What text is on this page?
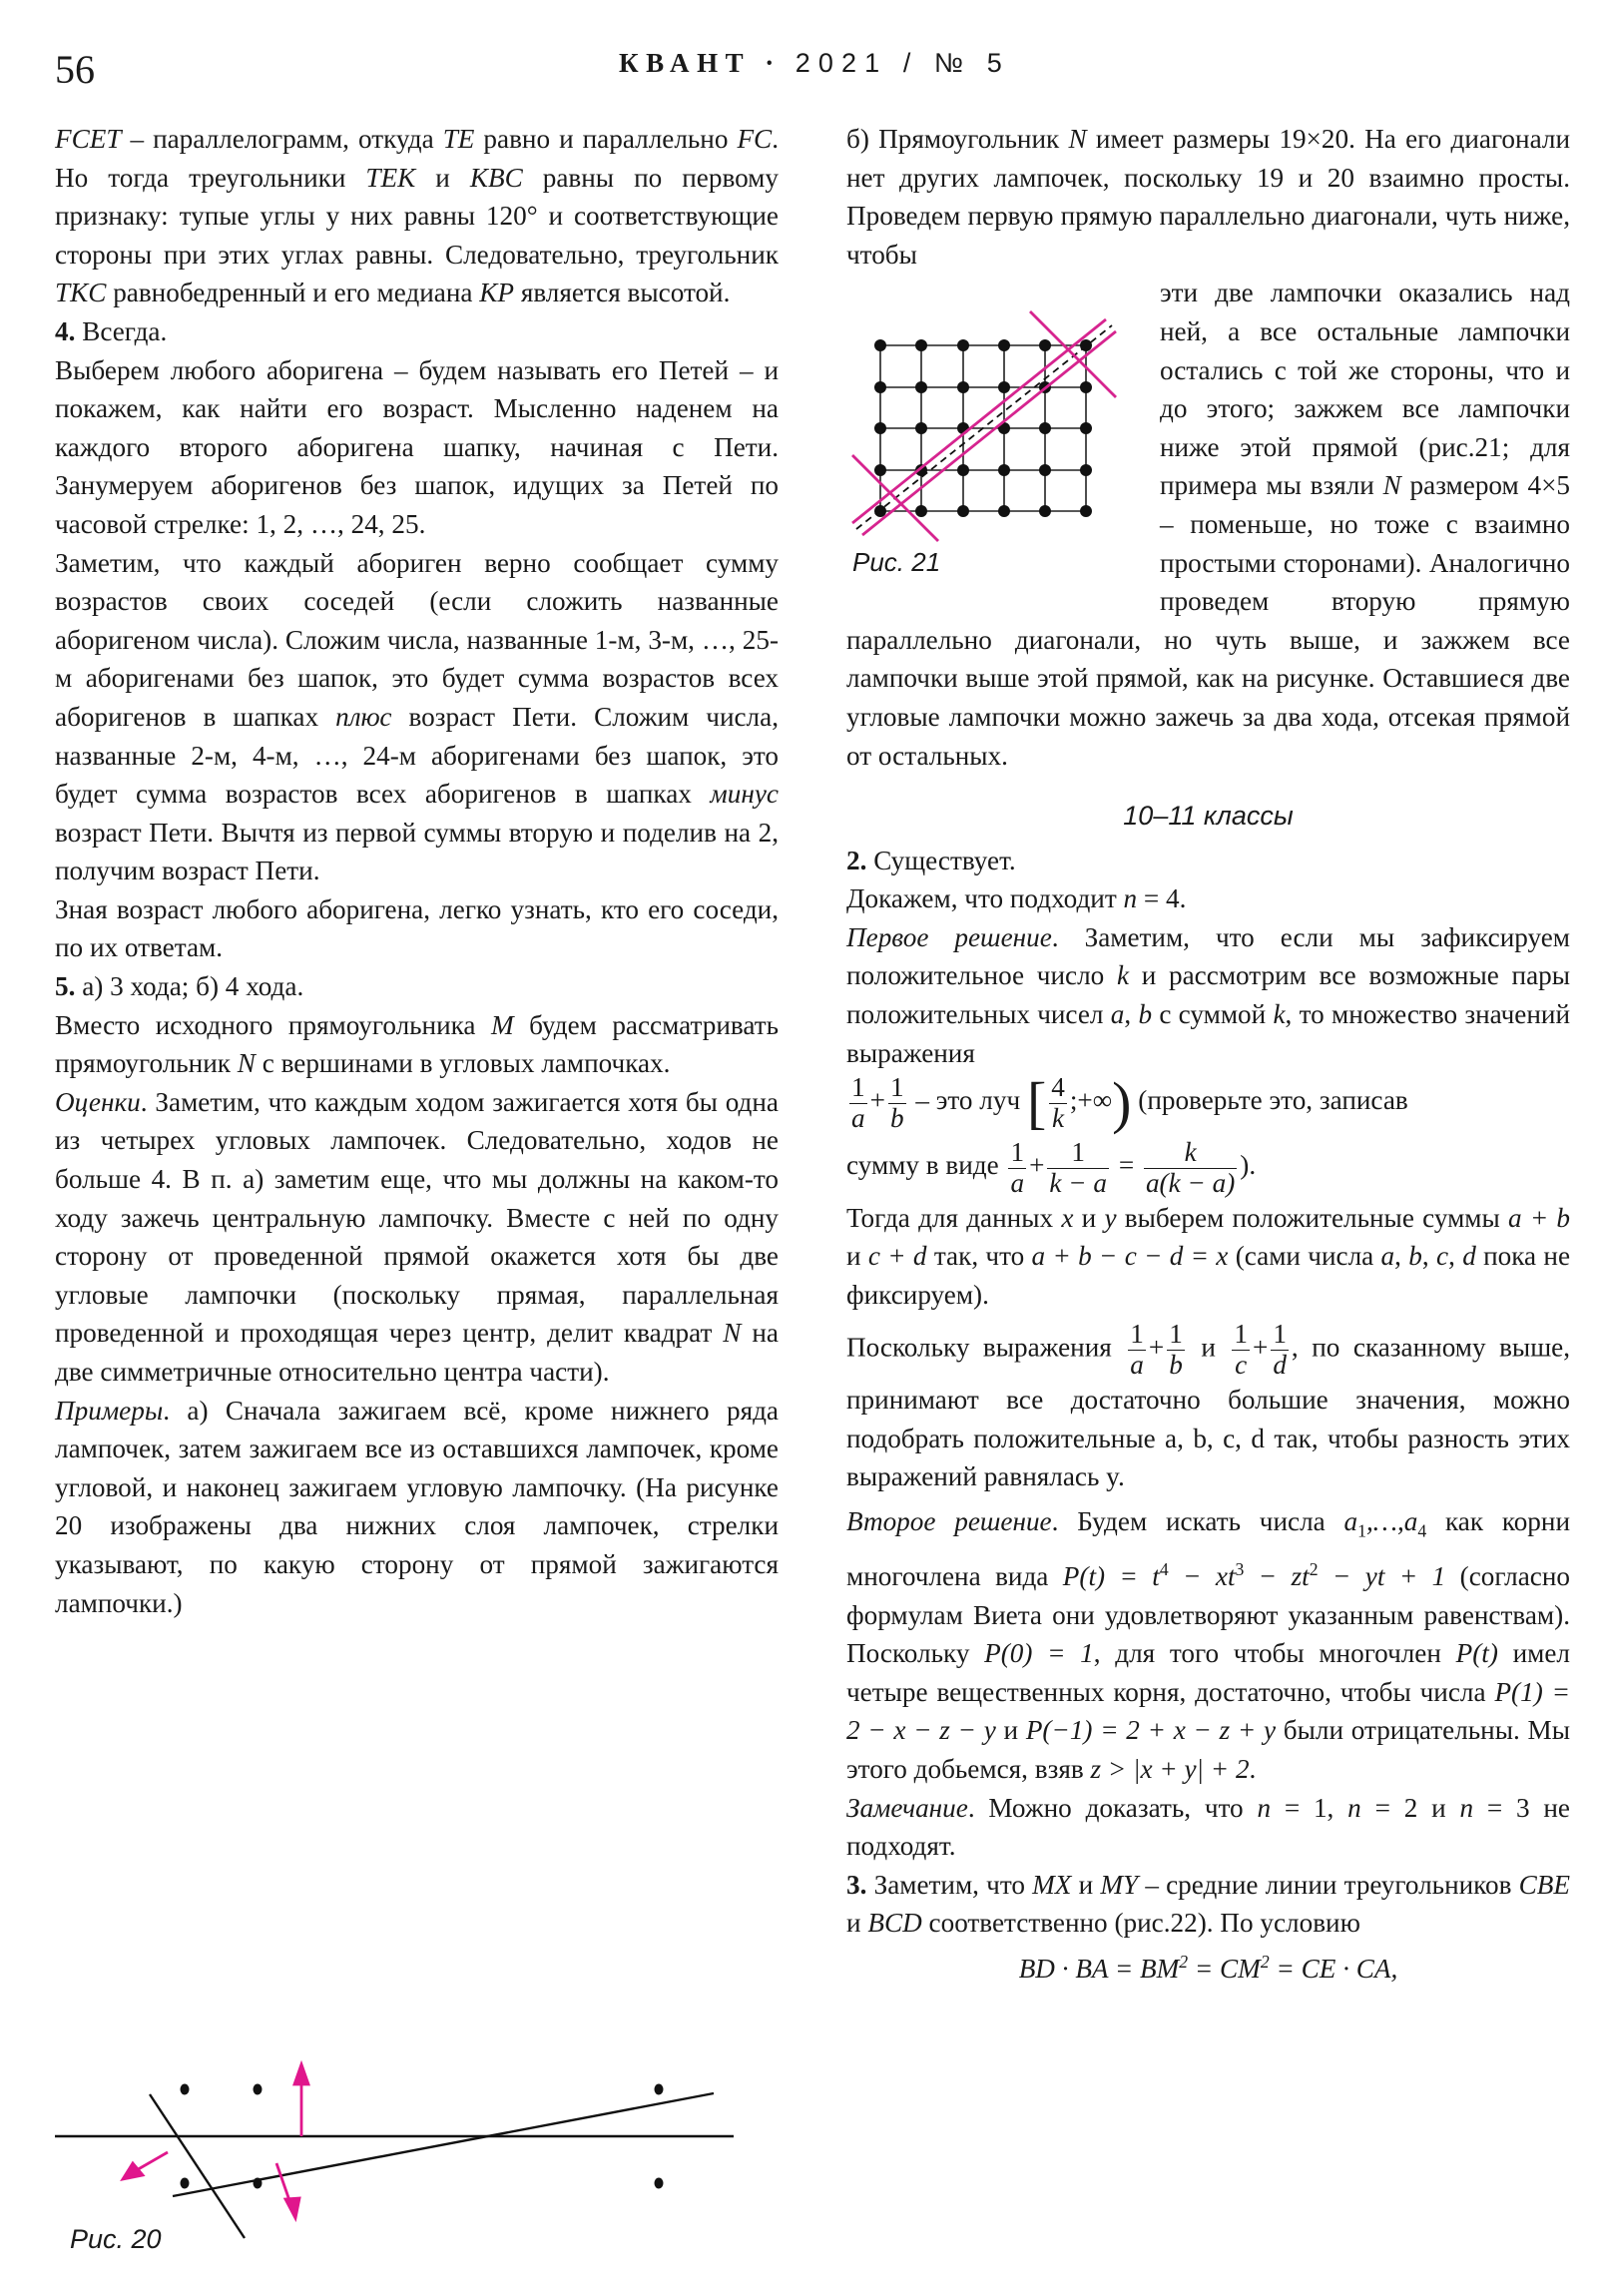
56	КВАНТ · 2021 / № 5

FCET – параллелограмм, откуда TE равно и параллельно FC. Но тогда треугольники TEK и KBC равны по первому признаку: тупые углы у них равны 120° и соответствующие стороны при этих углах равны. Следовательно, треугольник TKC равнобедренный и его медиана KP является высотой.

4. Всегда.

Выберем любого аборигена – будем называть его Петей – и покажем, как найти его возраст. Мысленно наденем на каждого второго аборигена шапку, начиная с Пети. Занумеруем аборигенов без шапок, идущих за Петей по часовой стрелке: 1, 2, …, 24, 25.

Заметим, что каждый абориген верно сообщает сумму возрастов своих соседей (если сложить названные аборигеном числа). Сложим числа, названные 1-м, 3-м, …, 25-м аборигенами без шапок, это будет сумма возрастов всех аборигенов в шапках плюс возраст Пети. Сложим числа, названные 2-м, 4-м, …, 24-м аборигенами без шапок, это будет сумма возрастов всех аборигенов в шапках минус возраст Пети. Вычтя из первой суммы вторую и поделив на 2, получим возраст Пети.

Зная возраст любого аборигена, легко узнать, кто его соседи, по их ответам.

5. а) 3 хода; б) 4 хода.

Вместо исходного прямоугольника M будем рассматривать прямоугольник N с вершинами в угловых лампочках.

Оценки. Заметим, что каждым ходом зажигается хотя бы одна из четырех угловых лампочек. Следовательно, ходов не больше 4. В п. а) заметим еще, что мы должны на каком-то ходу зажечь центральную лампочку. Вместе с ней по одну сторону от проведенной прямой окажется хотя бы две угловые лампочки (поскольку прямая, параллельная проведенной и проходящая через центр, делит квадрат N на две симметричные относительно центра части).

Примеры. а) Сначала зажигаем всё, кроме нижнего ряда лампочек, затем зажигаем все из оставшихся лампочек, кроме угловой, и наконец зажигаем угловую лампочку. (На рисунке 20 изображены два нижних слоя лампочек, стрелки указывают, по какую сторону от прямой зажигаются лампочки.)

Рис. 20

б) Прямоугольник N имеет размеры 19×20. На его диагонали нет других лампочек, поскольку 19 и 20 взаимно просты. Проведем первую прямую параллельно диагонали, чуть ниже, чтобы

Рис. 21

эти две лампочки оказались над ней, а все остальные лампочки остались с той же стороны, что и до этого; зажжем все лампочки ниже этой прямой (рис.21; для примера мы взяли N размером 4×5 – поменьше, но тоже с взаимно простыми сторонами). Аналогично проведем вторую прямую параллельно диагонали, но чуть выше, и зажжем все лампочки выше этой прямой, как на рисунке. Оставшиеся две угловые лампочки можно зажечь за два хода, отсекая прямой от остальных.

10–11 классы

2. Существует.

Докажем, что подходит n = 4.

Первое решение. Заметим, что если мы зафиксируем положительное число k и рассмотрим все возможные пары положительных чисел a, b с суммой k, то множество значений выражения

$\frac{1}{a} + \frac{1}{b}$ – это луч [ $\frac{4}{k}$ ;+∞) (проверьте это, записав

сумму в виде $\frac{1}{a} + \frac{1}{k - a} = \frac{k}{a(k - a)}$ ).

Тогда для данных x и y выберем положительные суммы a + b и c + d так, что a + b − c − d = x (сами числа a, b, c, d пока не фиксируем).

Поскольку выражения $\frac{1}{a} + \frac{1}{b}$ и $\frac{1}{c} + \frac{1}{d}$ , по сказанному выше, принимают все достаточно большие значения, можно подобрать положительные a, b, c, d так, чтобы разность этих выражений равнялась y.

Второе решение. Будем искать числа $a_1,\dots,a_4$ как корни многочлена вида $P(t) = t^4 - xt^3 - zt^2$ − yt + 1 (согласно формулам Виета они удовлетворяют указанным равенствам). Поскольку P(0) = 1, для того чтобы многочлен P(t) имел четыре вещественных корня, достаточно, чтобы числа P(1) = 2 − x − z − y и P(−1) = 2 + x − z + y были отрицательны. Мы этого добьемся, взяв z > |x + y| + 2.

Замечание. Можно доказать, что n = 1, n = 2 и n = 3 не подходят.

3. Заметим, что MX и MY – средние линии треугольников CBE и BCD соответственно (рис.22). По условию

BD · BA = $BM^2 = CM^2$ = CE · CA,
